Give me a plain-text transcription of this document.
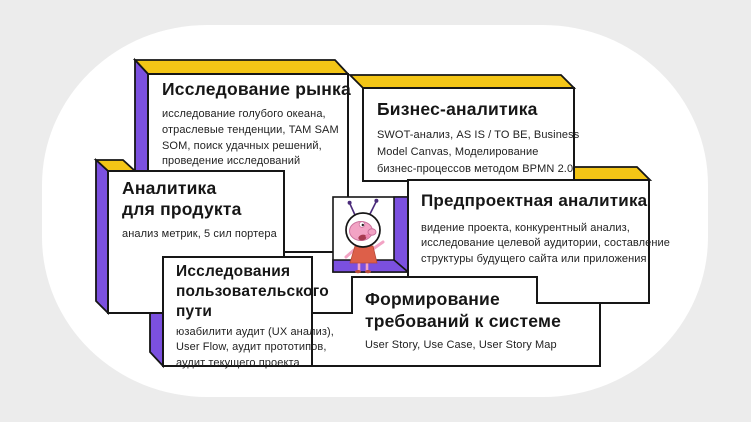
Исследование рынка
исследование голубого океана,
отраслевые тенденции, TAM SAM
SOM, поиск удачных решений,
проведение исследований
Бизнес-аналитика
SWOT-анализ, AS IS / TO BE, Business
Model Canvas, Моделирование
бизнес-процессов методом BPMN 2.0
Аналитика
для продукта
анализ метрик, 5 сил портера
Предпроектная аналитика
видение проекта, конкурентный анализ,
исследование целевой аудитории, составление
структуры будущего сайта или приложения
Исследования
пользовательского
пути
юзабилити аудит (UX анализ),
User Flow, аудит прототипов,
аудит текущего проекта
Формирование
требований к системе
User Story, Use Case, User Story Map
